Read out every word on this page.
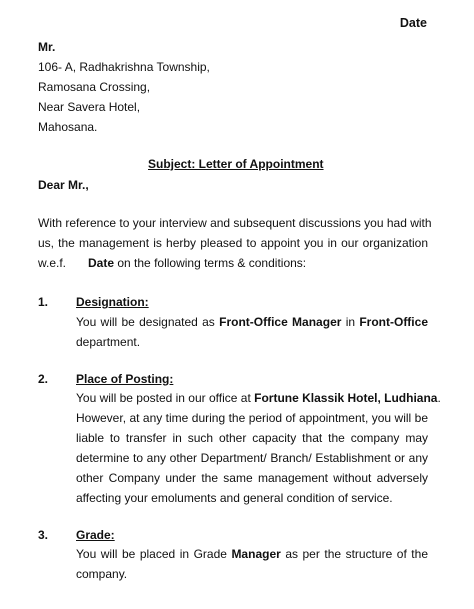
Date
Mr.
106- A, Radhakrishna Township,
Ramosana Crossing,
Near Savera Hotel,
Mahosana.
Subject: Letter of Appointment
Dear Mr.,
With reference to your interview and subsequent discussions you had with
us, the management is herby pleased to appoint you in our organization
w.e.f. Date on the following terms & conditions:
1. Designation:
You will be designated as Front-Office Manager in Front-Office
department.
2. Place of Posting:
You will be posted in our office at Fortune Klassik Hotel, Ludhiana.
However, at any time during the period of appointment, you will be
liable to transfer in such other capacity that the company may
determine to any other Department/ Branch/ Establishment or any
other Company under the same management without adversely
affecting your emoluments and general condition of service.
3. Grade:
You will be placed in Grade Manager as per the structure of the
company.
